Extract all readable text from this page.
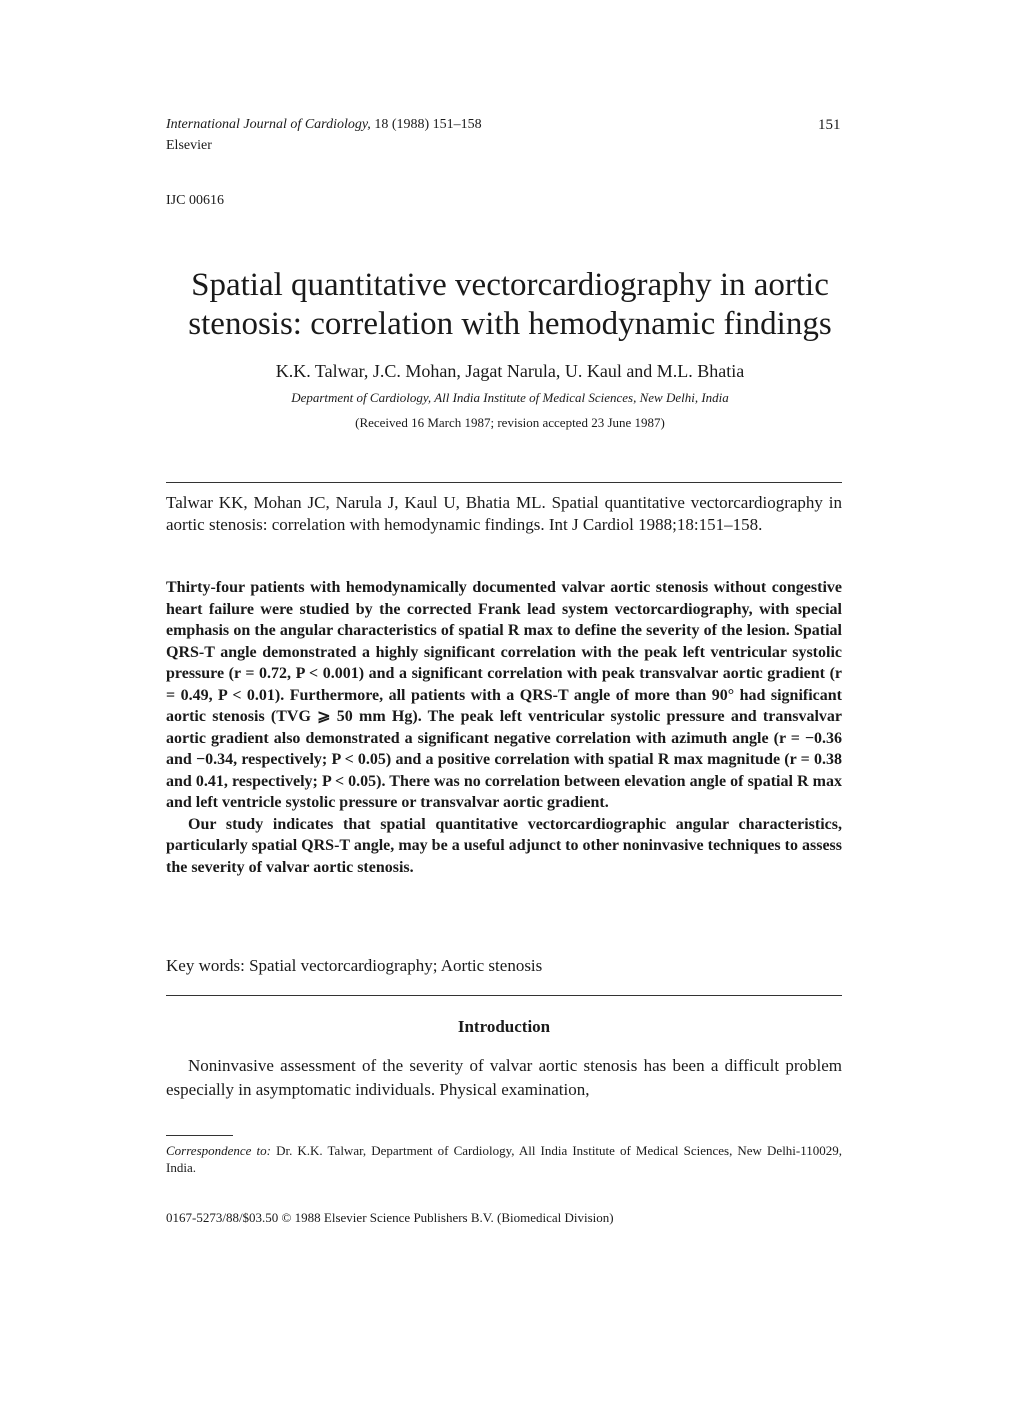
International Journal of Cardiology, 18 (1988) 151–158
Elsevier
151
IJC 00616
Spatial quantitative vectorcardiography in aortic
stenosis: correlation with hemodynamic findings
K.K. Talwar, J.C. Mohan, Jagat Narula, U. Kaul and M.L. Bhatia
Department of Cardiology, All India Institute of Medical Sciences, New Delhi, India
(Received 16 March 1987; revision accepted 23 June 1987)
Talwar KK, Mohan JC, Narula J, Kaul U, Bhatia ML. Spatial quantitative vectorcardiography in aortic stenosis: correlation with hemodynamic findings. Int J Cardiol 1988;18:151–158.

Thirty-four patients with hemodynamically documented valvar aortic stenosis without congestive heart failure were studied by the corrected Frank lead system vectorcardiography, with special emphasis on the angular characteristics of spatial R max to define the severity of the lesion. Spatial QRS-T angle demonstrated a highly significant correlation with the peak left ventricular systolic pressure (r = 0.72, P < 0.001) and a significant correlation with peak transvalvar aortic gradient (r = 0.49, P < 0.01). Furthermore, all patients with a QRS-T angle of more than 90° had significant aortic stenosis (TVG ⩾ 50 mm Hg). The peak left ventricular systolic pressure and transvalvar aortic gradient also demonstrated a significant negative correlation with azimuth angle (r = −0.36 and −0.34, respectively; P < 0.05) and a positive correlation with spatial R max magnitude (r = 0.38 and 0.41, respectively; P < 0.05). There was no correlation between elevation angle of spatial R max and left ventricle systolic pressure or transvalvar aortic gradient.

Our study indicates that spatial quantitative vectorcardiographic angular characteristics, particularly spatial QRS-T angle, may be a useful adjunct to other noninvasive techniques to assess the severity of valvar aortic stenosis.

Key words: Spatial vectorcardiography; Aortic stenosis
Introduction
Noninvasive assessment of the severity of valvar aortic stenosis has been a difficult problem especially in asymptomatic individuals. Physical examination,
Correspondence to: Dr. K.K. Talwar, Department of Cardiology, All India Institute of Medical Sciences, New Delhi-110029, India.
0167-5273/88/$03.50 © 1988 Elsevier Science Publishers B.V. (Biomedical Division)
